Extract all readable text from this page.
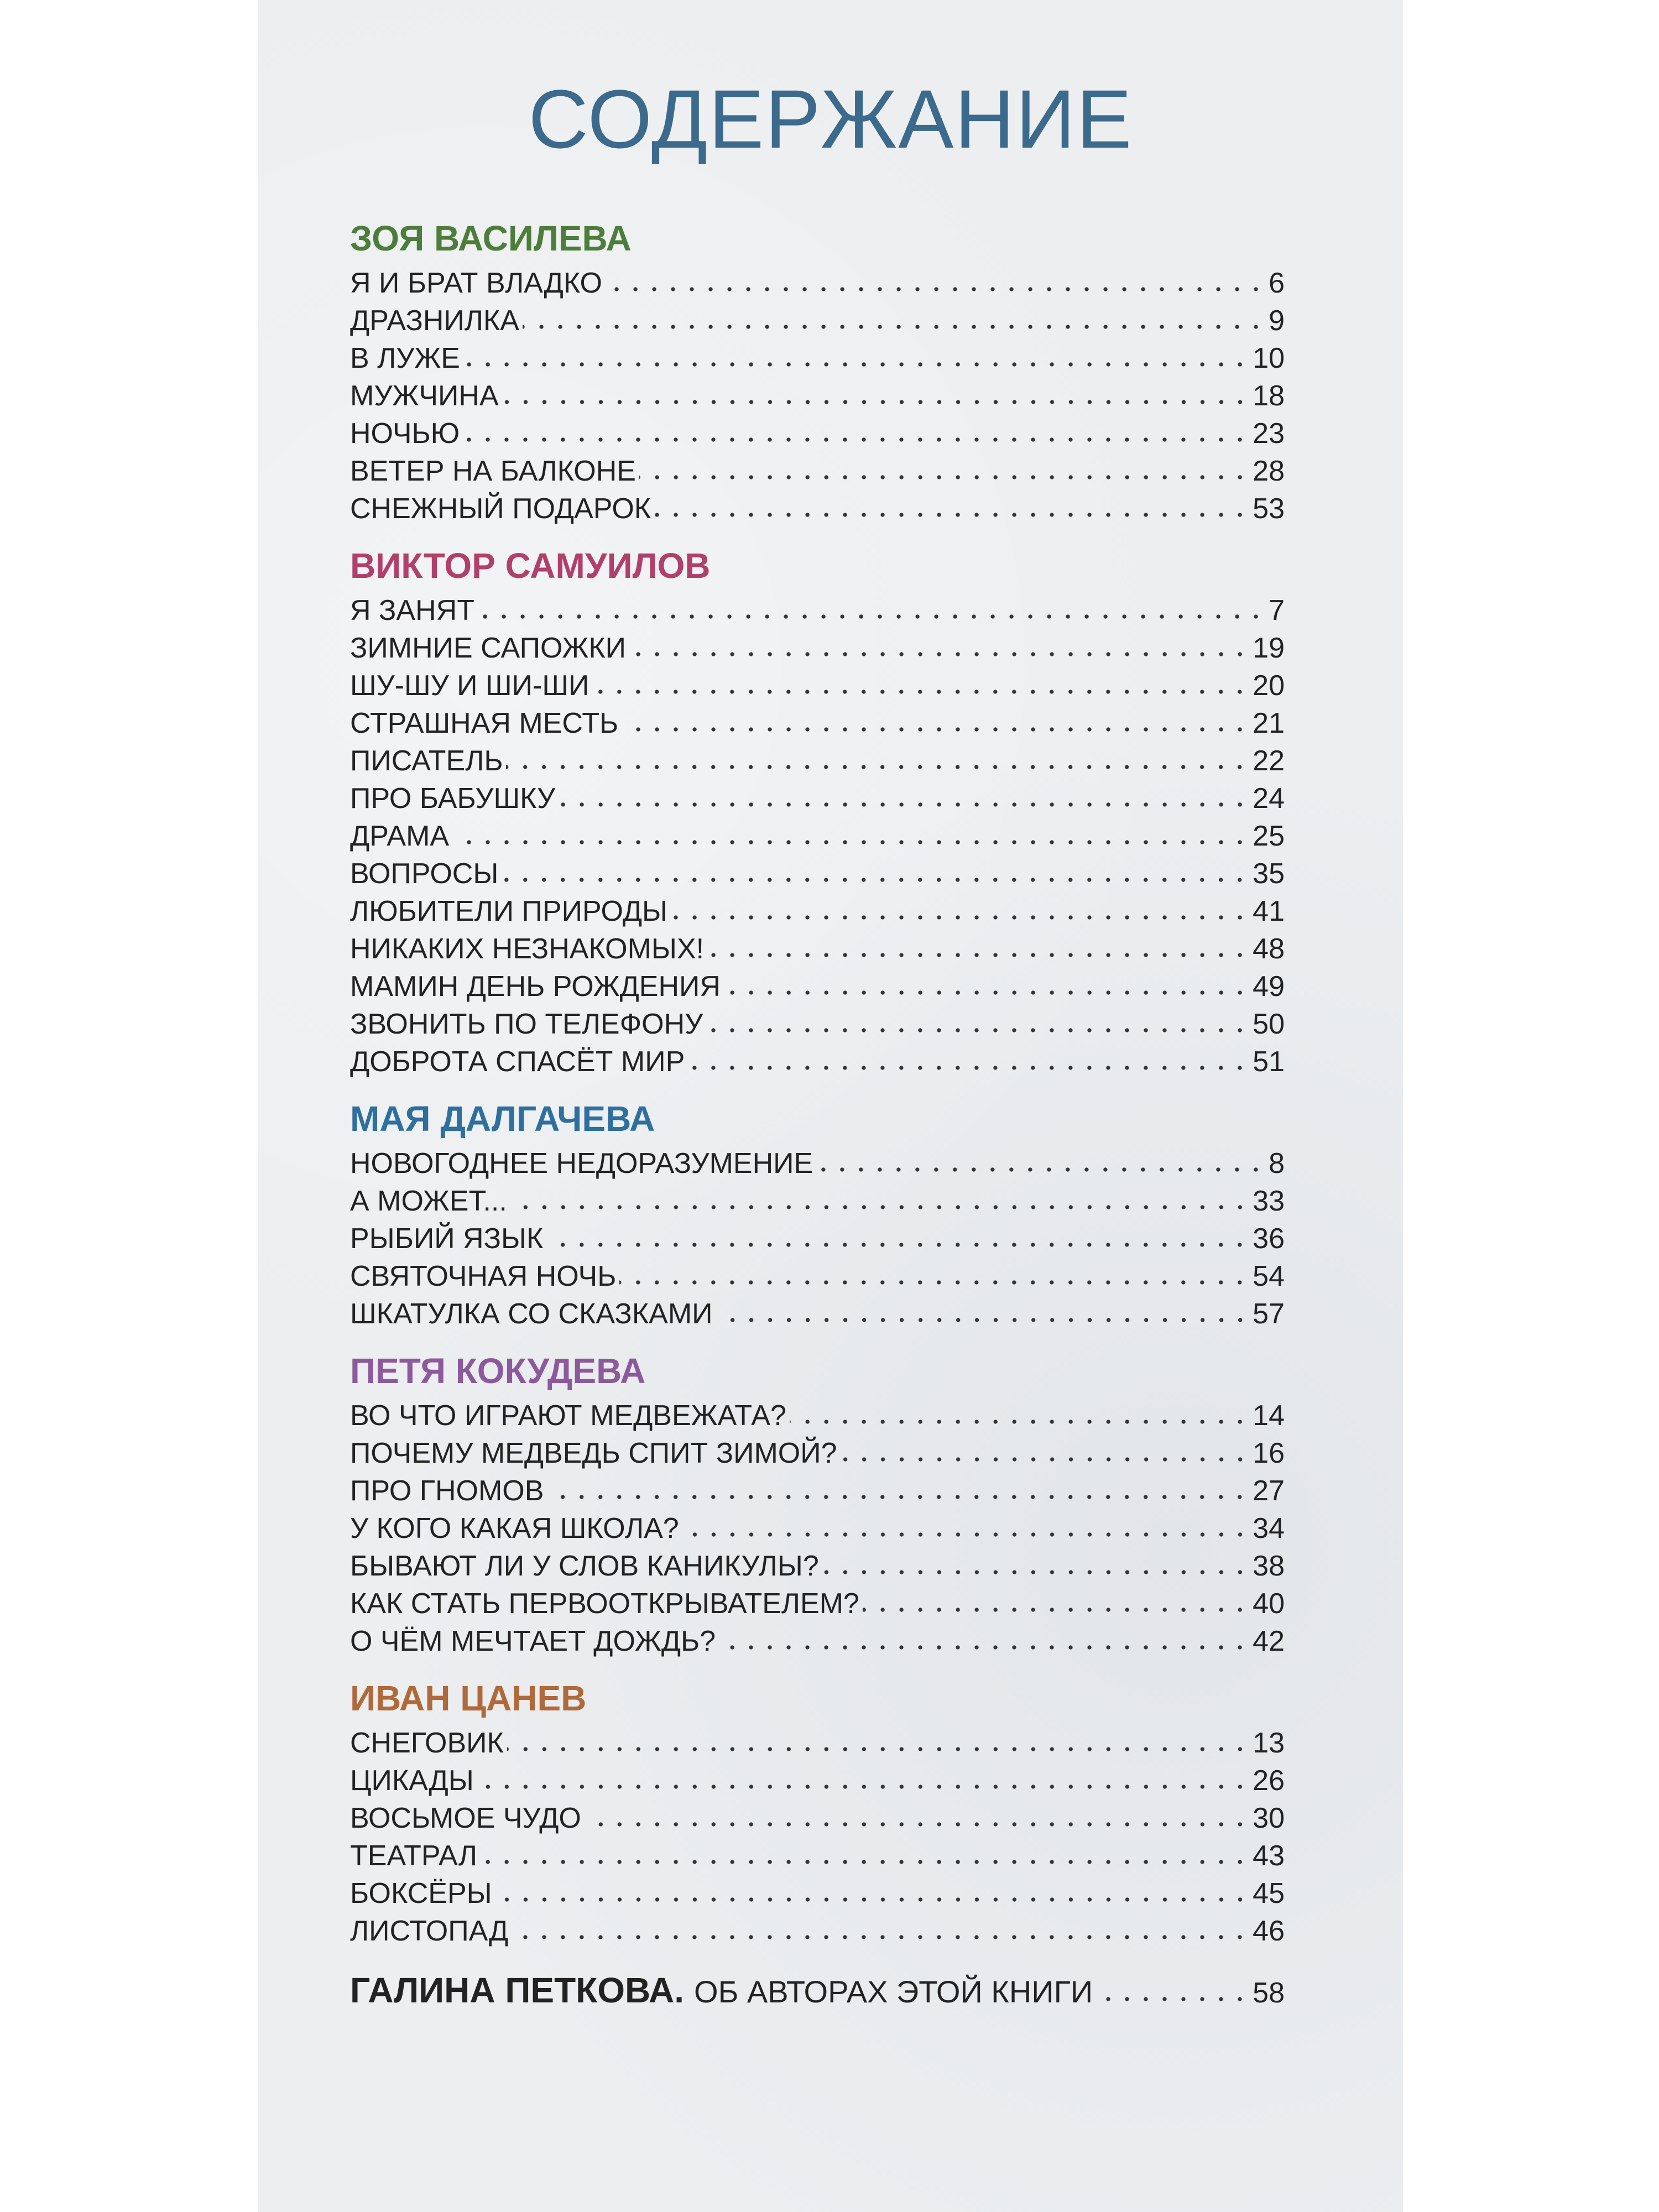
СОДЕРЖАНИЕ
ЗОЯ ВАСИЛЕВА
Я И БРАТ ВЛАДКО	6
ДРАЗНИЛКА	9
В ЛУЖЕ	10
МУЖЧИНА	18
НОЧЬЮ	23
ВЕТЕР НА БАЛКОНЕ	28
СНЕЖНЫЙ ПОДАРОК	53
ВИКТОР САМУИЛОВ
Я ЗАНЯТ	7
ЗИМНИЕ САПОЖКИ	19
ШУ-ШУ И ШИ-ШИ	20
СТРАШНАЯ МЕСТЬ	21
ПИСАТЕЛЬ	22
ПРО БАБУШКУ	24
ДРАМА	25
ВОПРОСЫ	35
ЛЮБИТЕЛИ ПРИРОДЫ	41
НИКАКИХ НЕЗНАКОМЫХ!	48
МАМИН ДЕНЬ РОЖДЕНИЯ	49
ЗВОНИТЬ ПО ТЕЛЕФОНУ	50
ДОБРОТА СПАСЁТ МИР	51
МАЯ ДАЛГАЧЕВА
НОВОГОДНЕЕ НЕДОРАЗУМЕНИЕ	8
А МОЖЕТ...	33
РЫБИЙ ЯЗЫК	36
СВЯТОЧНАЯ НОЧЬ	54
ШКАТУЛКА СО СКАЗКАМИ	57
ПЕТЯ КОКУДЕВА
ВО ЧТО ИГРАЮТ МЕДВЕЖАТА?	14
ПОЧЕМУ МЕДВЕДЬ СПИТ ЗИМОЙ?	16
ПРО ГНОМОВ	27
У КОГО КАКАЯ ШКОЛА?	34
БЫВАЮТ ЛИ У СЛОВ КАНИКУЛЫ?	38
КАК СТАТЬ ПЕРВООТКРЫВАТЕЛЕМ?	40
О ЧЁМ МЕЧТАЕТ ДОЖДЬ?	42
ИВАН ЦАНЕВ
СНЕГОВИК	13
ЦИКАДЫ	26
ВОСЬМОЕ ЧУДО	30
ТЕАТРАЛ	43
БОКСЁРЫ	45
ЛИСТОПАД	46
ГАЛИНА ПЕТКОВА. ОБ АВТОРАХ ЭТОЙ КНИГИ	58
